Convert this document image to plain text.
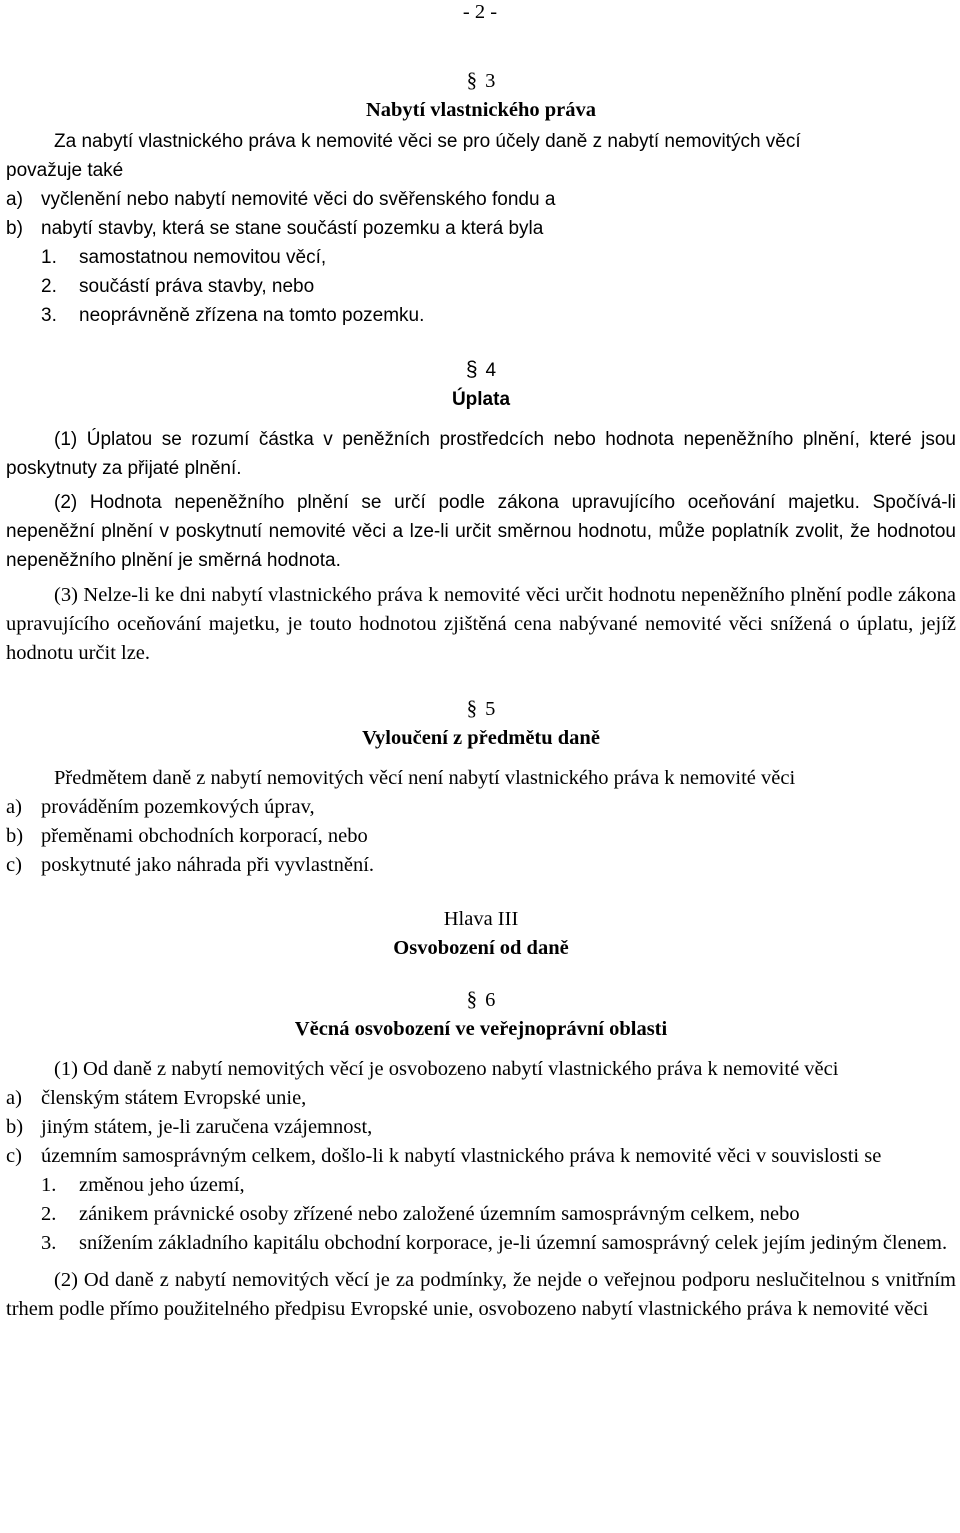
- 2 -
§ 3
Nabytí vlastnického práva

Za nabytí vlastnického práva k nemovité věci se pro účely daně z nabytí nemovitých věcí

považuje také

a) vyčlenění nebo nabytí nemovité věci do svěřenského fondu a
b) nabytí stavby, která se stane součástí pozemku a která byla
1.	samostatnou nemovitou věcí,
2.	součástí práva stavby, nebo
3.	neoprávněně zřízena na tomto pozemku.
§ 4
Úplata

(1) Úplatou se rozumí částka v peněžních prostředcích nebo hodnota nepeněžního plnění, které jsou poskytnuty za přijaté plnění.

(2) Hodnota nepeněžního plnění se určí podle zákona upravujícího oceňování majetku. Spočívá-li nepeněžní plnění v poskytnutí nemovité věci a lze-li určit směrnou hodnotu, může poplatník zvolit, že hodnotou nepeněžního plnění je směrná hodnota.

(3) Nelze-li ke dni nabytí vlastnického práva k nemovité věci určit hodnotu nepeněžního plnění podle zákona upravujícího oceňování majetku, je touto hodnotou zjištěná cena nabývané nemovité věci snížená o úplatu, jejíž hodnotu určit lze.

§ 5
Vyloučení z předmětu daně

Předmětem daně z nabytí nemovitých věcí není nabytí vlastnického práva k nemovité věci

a) prováděním pozemkových úprav,
b) přeměnami obchodních korporací, nebo
c) poskytnuté jako náhrada při vyvlastnění.
Hlava III
Osvobození od daně
§ 6
Věcná osvobození ve veřejnoprávní oblasti

(1) Od daně z nabytí nemovitých věcí je osvobozeno nabytí vlastnického práva k nemovité věci

a) členským státem Evropské unie,
b) jiným státem, je-li zaručena vzájemnost,
c) územním samosprávným celkem, došlo-li k nabytí vlastnického práva k nemovité věci v souvislosti se
1.	změnou jeho území,
2.	zánikem právnické osoby zřízené nebo založené územním samosprávným celkem, nebo
3.	snížením základního kapitálu obchodní korporace, je-li územní samosprávný celek jejím jediným členem.

(2) Od daně z nabytí nemovitých věcí je za podmínky, že nejde o veřejnou podporu neslučitelnou s vnitřním trhem podle přímo použitelného předpisu Evropské unie, osvobozeno nabytí vlastnického práva k nemovité věci
